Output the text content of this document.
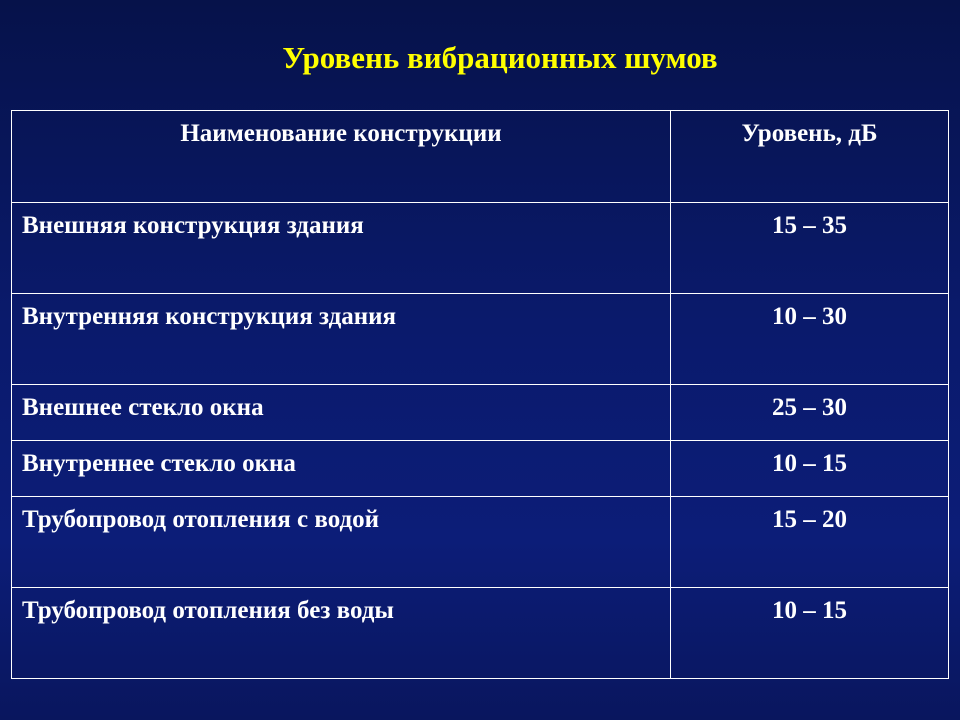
Уровень вибрационных шумов
Наименование конструкции	Уровень, дБ
Внешняя конструкция здания	15 – 35
Внутренняя конструкция здания	10 – 30
Внешнее стекло окна	25 – 30
Внутреннее стекло окна	10 – 15
Трубопровод отопления с водой	15 – 20
Трубопровод отопления без воды	10 – 15
